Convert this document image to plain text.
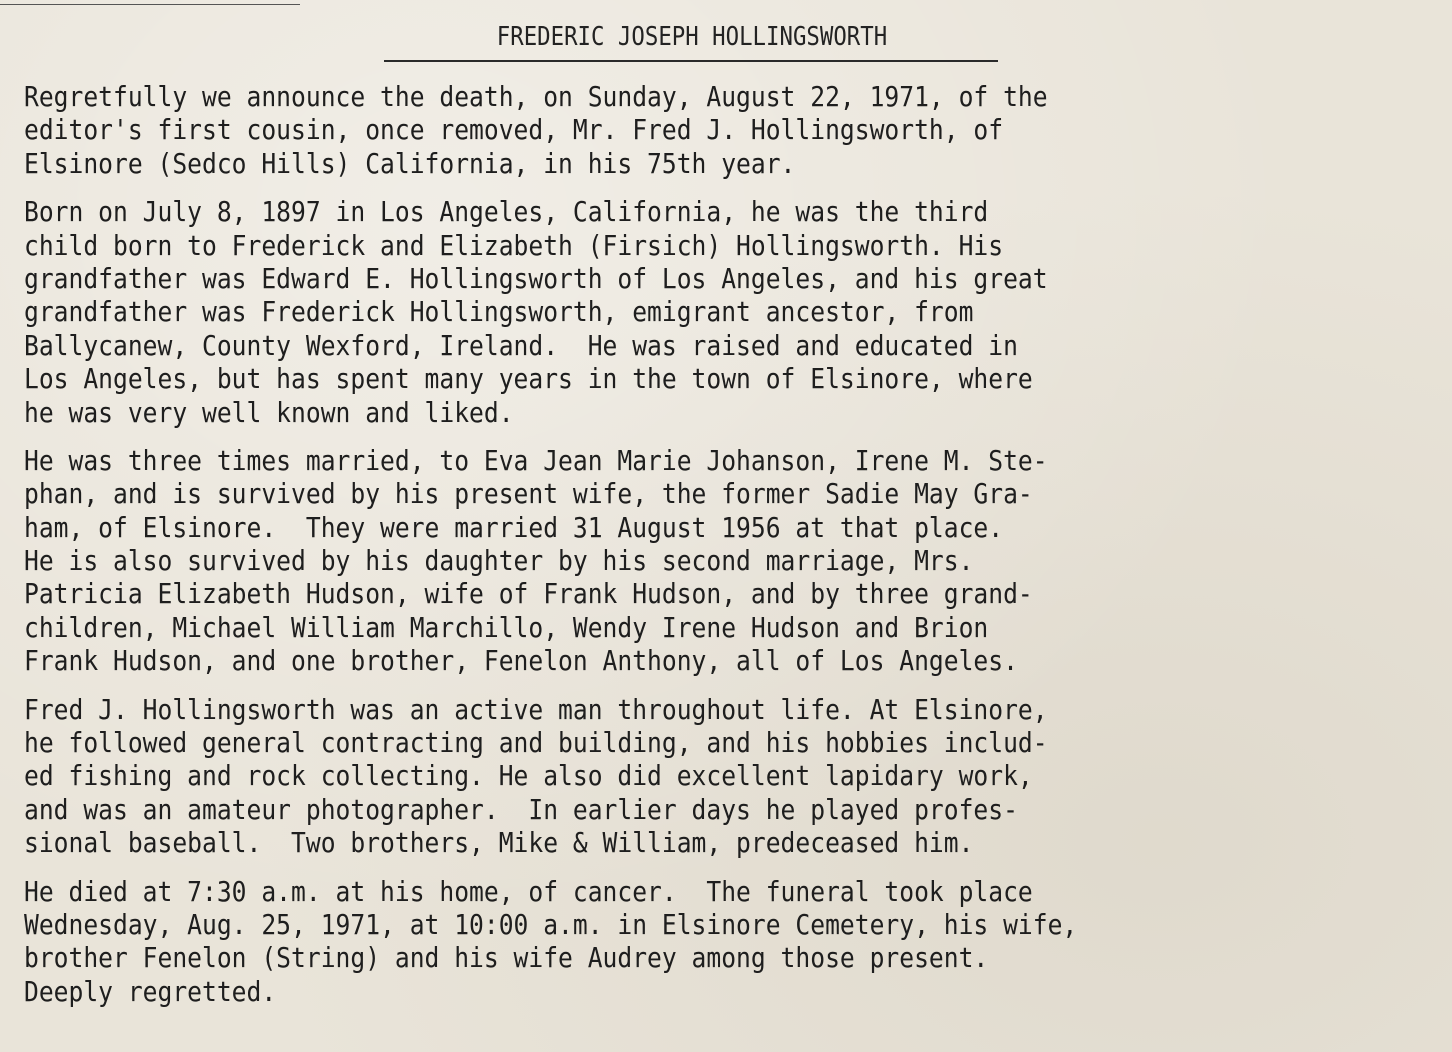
FREDERIC JOSEPH HOLLINGSWORTH
Regretfully we announce the death, on Sunday, August 22, 1971, of the
editor's first cousin, once removed, Mr. Fred J. Hollingsworth, of
Elsinore (Sedco Hills) California, in his 75th year.
Born on July 8, 1897 in Los Angeles, California, he was the third
child born to Frederick and Elizabeth (Firsich) Hollingsworth. His
grandfather was Edward E. Hollingsworth of Los Angeles, and his great
grandfather was Frederick Hollingsworth, emigrant ancestor, from
Ballycanew, County Wexford, Ireland.  He was raised and educated in
Los Angeles, but has spent many years in the town of Elsinore, where
he was very well known and liked.
He was three times married, to Eva Jean Marie Johanson, Irene M. Ste-
phan, and is survived by his present wife, the former Sadie May Gra-
ham, of Elsinore.  They were married 31 August 1956 at that place.
He is also survived by his daughter by his second marriage, Mrs.
Patricia Elizabeth Hudson, wife of Frank Hudson, and by three grand-
children, Michael William Marchillo, Wendy Irene Hudson and Brion
Frank Hudson, and one brother, Fenelon Anthony, all of Los Angeles.
Fred J. Hollingsworth was an active man throughout life. At Elsinore,
he followed general contracting and building, and his hobbies includ-
ed fishing and rock collecting. He also did excellent lapidary work,
and was an amateur photographer.  In earlier days he played profes-
sional baseball.  Two brothers, Mike & William, predeceased him.
He died at 7:30 a.m. at his home, of cancer.  The funeral took place
Wednesday, Aug. 25, 1971, at 10:00 a.m. in Elsinore Cemetery, his wife,
brother Fenelon (String) and his wife Audrey among those present.
Deeply regretted.
